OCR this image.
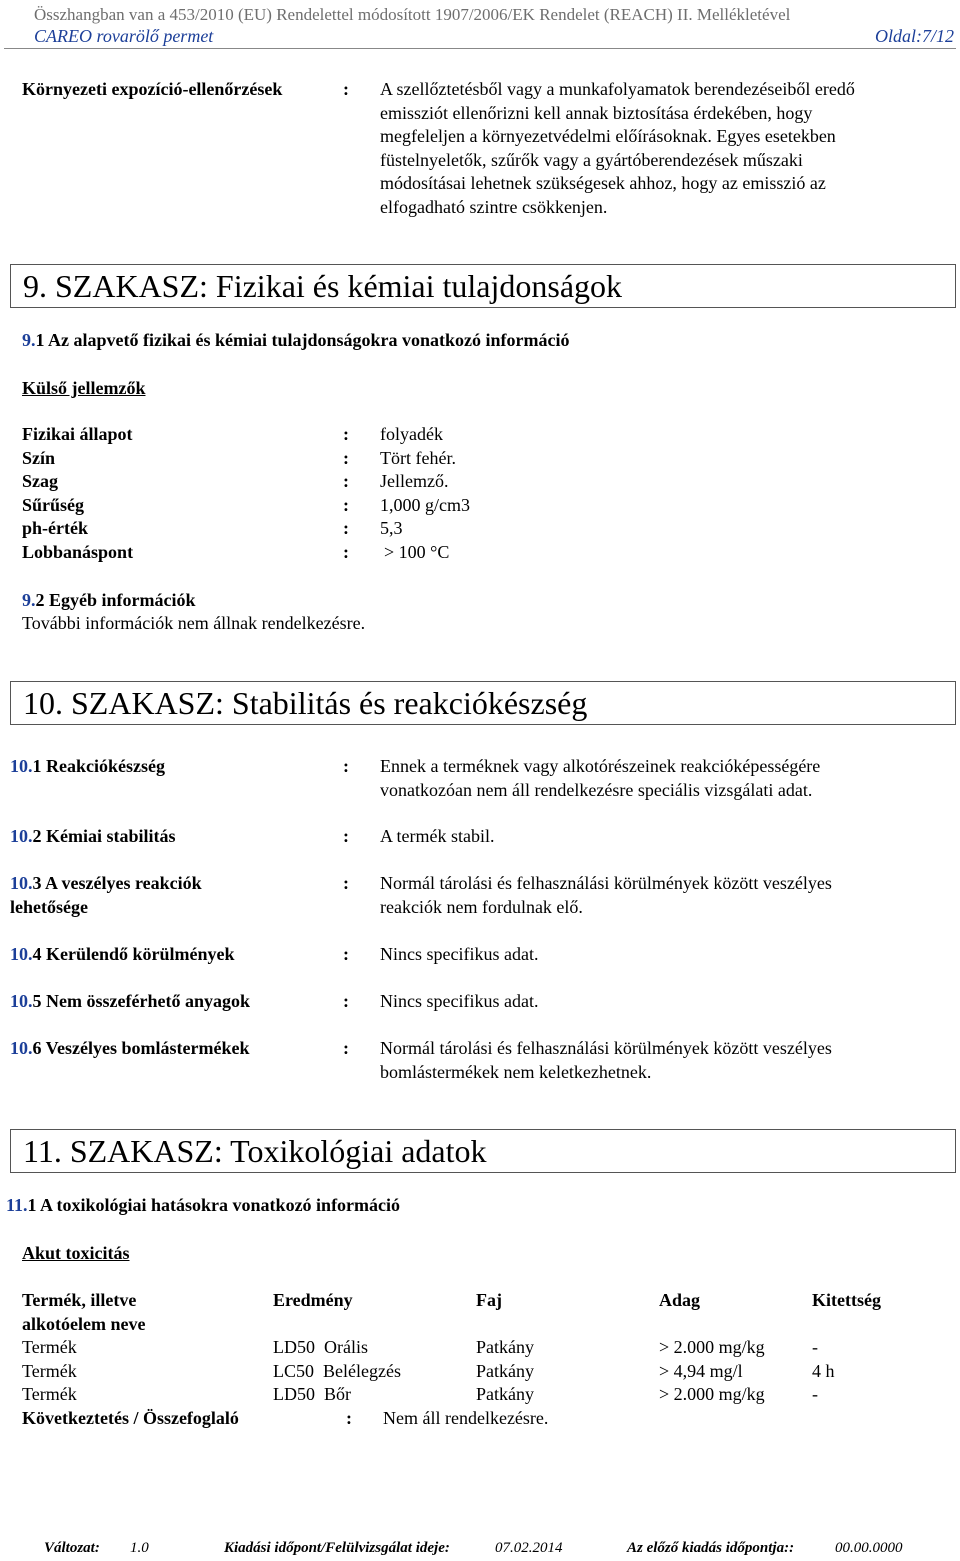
Összhangban van a 453/2010 (EU) Rendelettel módosított 1907/2006/EK Rendelet (REACH) II. Mellékletével
CAREO rovarölő permet	Oldal:7/12
Környezeti expozíció-ellenőrzések	: A szellőztetésből vagy a munkafolyamatok berendezéseiből eredő
emissziót ellenőrizni kell annak biztosítása érdekében, hogy
megfeleljen a környezetvédelmi előírásoknak. Egyes esetekben
füstelnyeletők, szűrők vagy a gyártóberendezések műszaki
módosításai lehetnek szükségesek ahhoz, hogy az emisszió az
elfogadható szintre csökkenjen.
9. SZAKASZ: Fizikai és kémiai tulajdonságok
9.1 Az alapvető fizikai és kémiai tulajdonságokra vonatkozó információ
Külső jellemzők
Fizikai állapot	: folyadék
Szín	: Tört fehér.
Szag	: Jellemző.
Sűrűség	: 1,000 g/cm3
ph-érték	: 5,3
Lobbanáspont	: > 100 °C
9.2 Egyéb információk
További információk nem állnak rendelkezésre.
10. SZAKASZ: Stabilitás és reakciókészség
10.1 Reakciókészség	: Ennek a terméknek vagy alkotórészeinek reakcióképességére
vonatkozóan nem áll rendelkezésre speciális vizsgálati adat.
10.2 Kémiai stabilitás	: A termék stabil.
10.3 A veszélyes reakciók
lehetősége
: Normál tárolási és felhasználási körülmények között veszélyes
reakciók nem fordulnak elő.
10.4 Kerülendő körülmények	: Nincs specifikus adat.
10.5 Nem összeférhető anyagok	: Nincs specifikus adat.
10.6 Veszélyes bomlástermékek	: Normál tárolási és felhasználási körülmények között veszélyes
bomlástermékek nem keletkezhetnek.
11. SZAKASZ: Toxikológiai adatok
11.1 A toxikológiai hatásokra vonatkozó információ
Akut toxicitás
Termék, illetve
alkotóelem neve
Eredmény	Faj	Adag	Kitettség
Termék	LD50  Orális	Patkány	> 2.000 mg/kg	-
Termék	LC50  Belélegzés	Patkány	> 4,94 mg/l	4 h
Termék	LD50  Bőr	Patkány	> 2.000 mg/kg	-
Következtetés / Összefoglaló	: Nem áll rendelkezésre.
Változat: 1.0	Kiadási időpont/Felülvizsgálat ideje:	07.02.2014	Az előző kiadás időpontja::	00.00.0000
